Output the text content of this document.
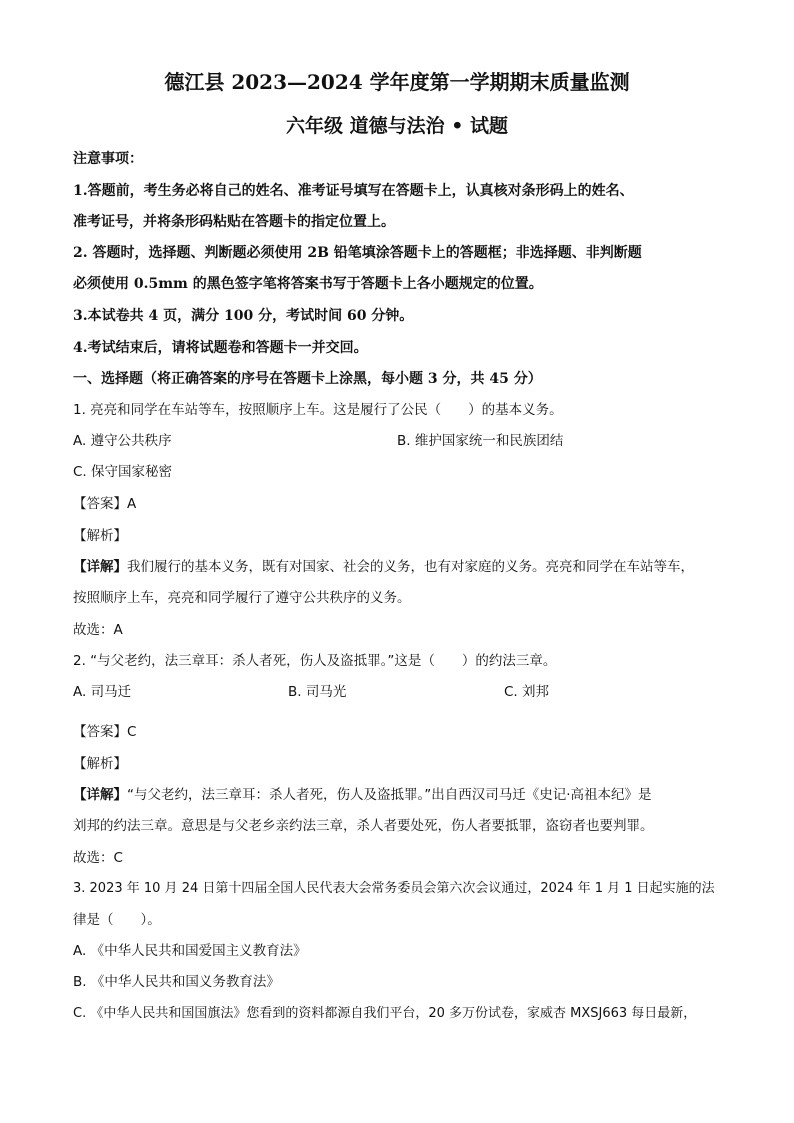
德江县 2023—2024 学年度第一学期期末质量监测
六年级 道德与法治 • 试题
注意事项：
1.答题前，考生务必将自己的姓名、准考证号填写在答题卡上，认真核对条形码上的姓名、
准考证号，并将条形码粘贴在答题卡的指定位置上。
2. 答题时，选择题、判断题必须使用 2B 铅笔填涂答题卡上的答题框；非选择题、非判断题
必须使用 0.5mm 的黑色签字笔将答案书写于答题卡上各小题规定的位置。
3.本试卷共 4 页，满分 100 分，考试时间 60 分钟。
4.考试结束后，请将试题卷和答题卡一并交回。
一、选择题（将正确答案的序号在答题卡上涂黑，每小题 3 分，共 45 分）
1. 亮亮和同学在车站等车，按照顺序上车。这是履行了公民（　　）的基本义务。
A. 遵守公共秩序	B. 维护国家统一和民族团结
C. 保守国家秘密
【答案】A
【解析】
【详解】我们履行的基本义务，既有对国家、社会的义务，也有对家庭的义务。亮亮和同学在车站等车，
按照顺序上车，亮亮和同学履行了遵守公共秩序的义务。
故选：A
2. “与父老约，法三章耳：杀人者死，伤人及盗抵罪。”这是（　　）的约法三章。
A. 司马迁	B. 司马光	C. 刘邦
【答案】C
【解析】
【详解】“与父老约，法三章耳：杀人者死，伤人及盗抵罪。”出自西汉司马迁《史记·高祖本纪》是
刘邦的约法三章。意思是与父老乡亲约法三章，杀人者要处死，伤人者要抵罪，盗窃者也要判罪。
故选：C
3. 2023 年 10 月 24 日第十四届全国人民代表大会常务委员会第六次会议通过，2024 年 1 月 1 日起实施的法
律是（　　）。
A. 《中华人民共和国爱国主义教育法》
B. 《中华人民共和国义务教育法》
C. 《中华人民共和国国旗法》您看到的资料都源自我们平台，20 多万份试卷，家威杏 MXSJ663 每日最新，
